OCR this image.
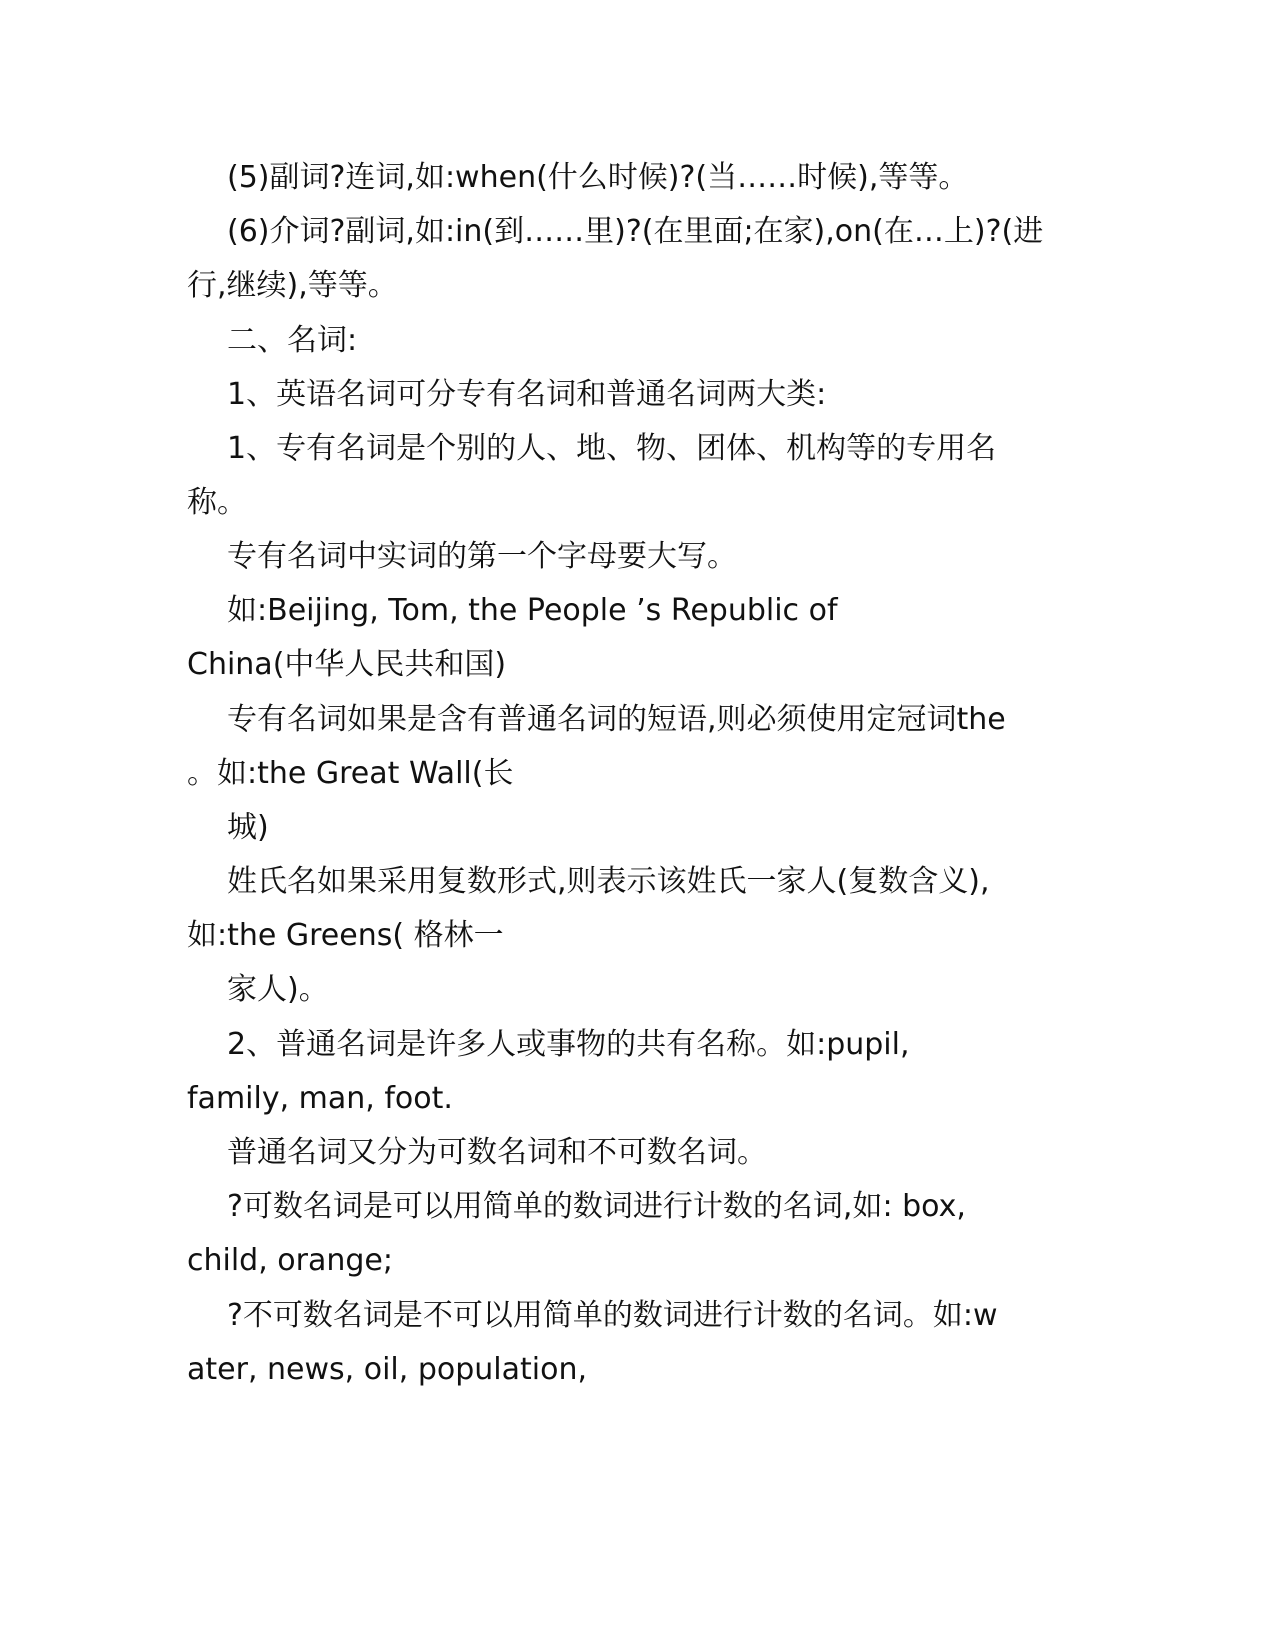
(5)副词?连词,如:when(什么时候)?(当……时候),等等。
(6)介词?副词,如:in(到……里)?(在里面;在家),on(在…上)?(进
行,继续),等等。
二、名词:
1、英语名词可分专有名词和普通名词两大类:
1、专有名词是个别的人、地、物、团体、机构等的专用名
称。
专有名词中实词的第一个字母要大写。
如:Beijing, Tom, the People ’s Republic of
China(中华人民共和国)
专有名词如果是含有普通名词的短语,则必须使用定冠词the
。如:the Great Wall(长
城)
姓氏名如果采用复数形式,则表示该姓氏一家人(复数含义),
如:the Greens( 格林一
家人)。
2、普通名词是许多人或事物的共有名称。如:pupil,
family, man, foot.
普通名词又分为可数名词和不可数名词。
?可数名词是可以用简单的数词进行计数的名词,如: box,
child, orange;
?不可数名词是不可以用简单的数词进行计数的名词。如:w
ater, news, oil, population,
